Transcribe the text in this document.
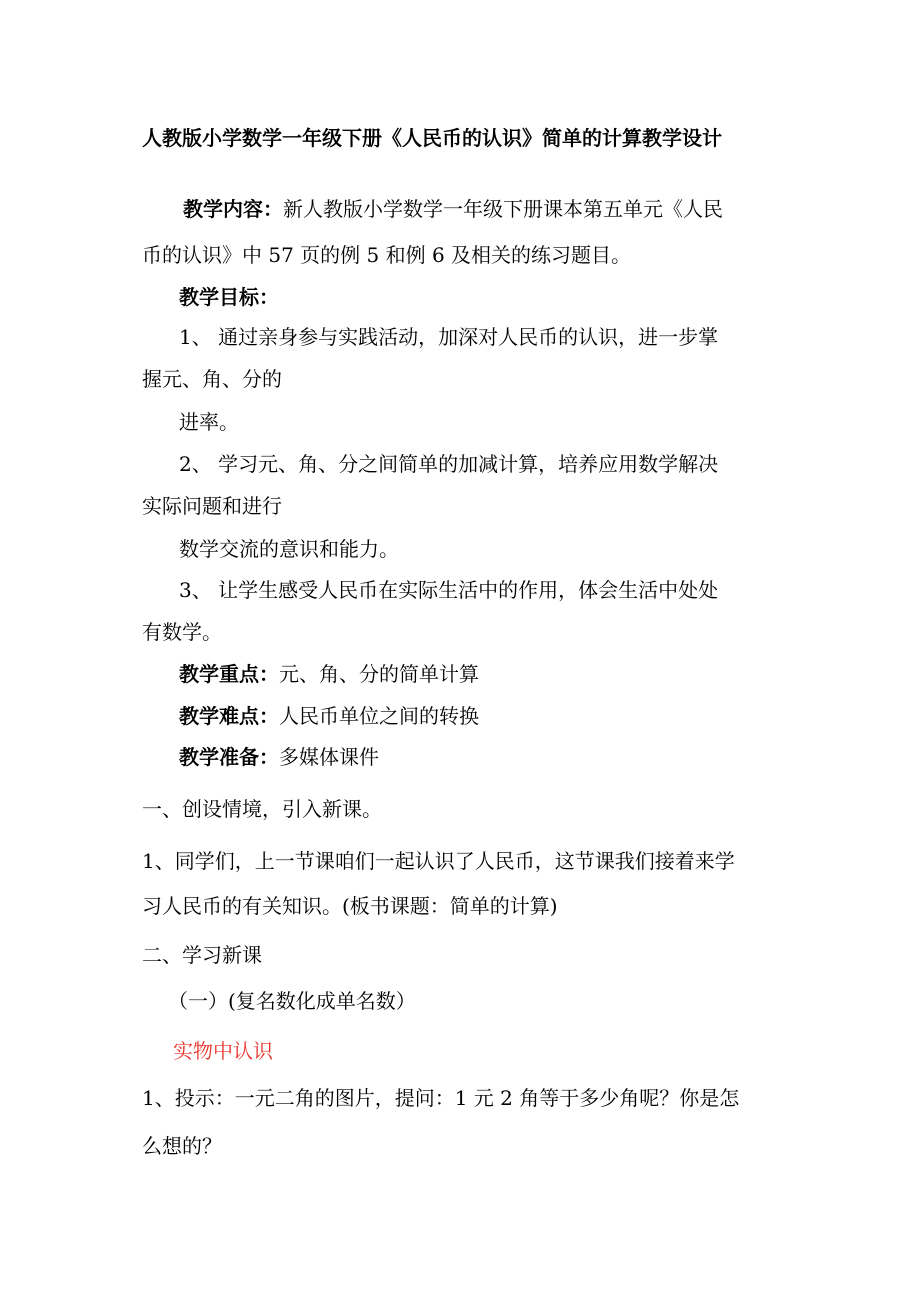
人教版小学数学一年级下册《人民币的认识》简单的计算教学设计
教学内容：新人教版小学数学一年级下册课本第五单元《人民
币的认识》中 57 页的例 5 和例 6 及相关的练习题目。
教学目标：
1、 通过亲身参与实践活动，加深对人民币的认识，进一步掌
握元、角、分的
进率。
2、 学习元、角、分之间简单的加减计算，培养应用数学解决
实际问题和进行
数学交流的意识和能力。
3、 让学生感受人民币在实际生活中的作用，体会生活中处处
有数学。
教学重点：元、角、分的简单计算
教学难点：人民币单位之间的转换
教学准备：多媒体课件
一、创设情境，引入新课。
1、同学们，上一节课咱们一起认识了人民币，这节课我们接着来学
习人民币的有关知识。(板书课题：简单的计算)
二、学习新课
（一）(复名数化成单名数）
实物中认识
1、投示：一元二角的图片，提问：1 元 2 角等于多少角呢？你是怎
么想的？
